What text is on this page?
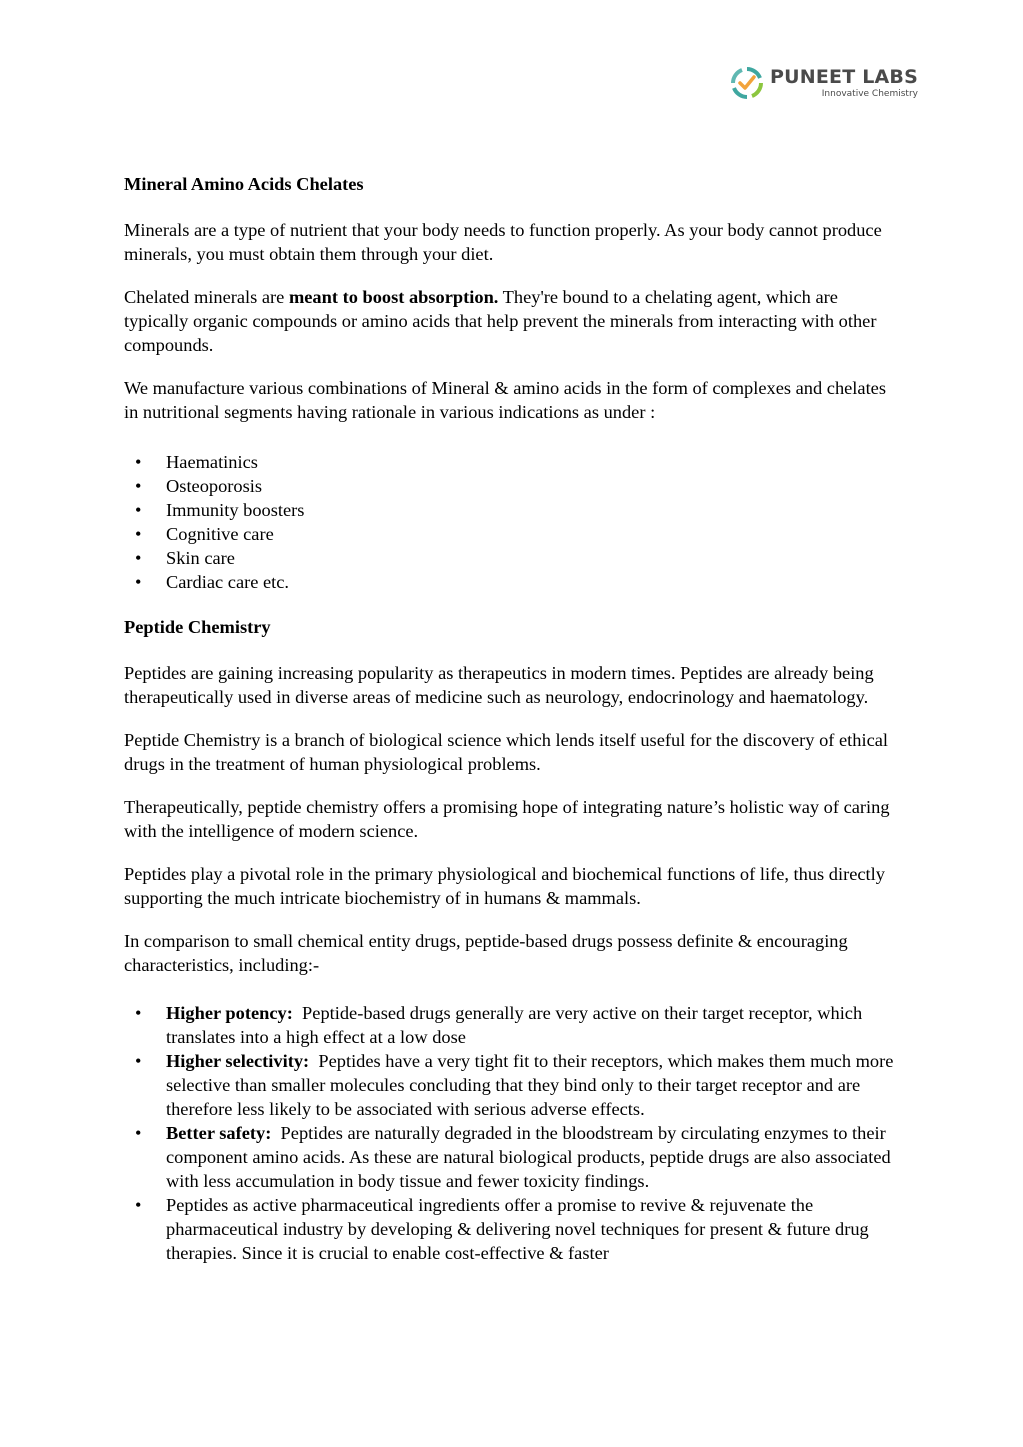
PUNEET LABS
Innovative Chemistry
Mineral Amino Acids Chelates

Minerals are a type of nutrient that your body needs to function properly. As your body cannot produce minerals, you must obtain them through your diet.

Chelated minerals are meant to boost absorption. They're bound to a chelating agent, which are typically organic compounds or amino acids that help prevent the minerals from interacting with other compounds.

We manufacture various combinations of Mineral & amino acids in the form of complexes and chelates in nutritional segments having rationale in various indications as under :

• Haematinics
• Osteoporosis
• Immunity boosters
• Cognitive care
• Skin care
• Cardiac care etc.
Peptide Chemistry

Peptides are gaining increasing popularity as therapeutics in modern times. Peptides are already being therapeutically used in diverse areas of medicine such as neurology, endocrinology and haematology.

Peptide Chemistry is a branch of biological science which lends itself useful for the discovery of ethical drugs in the treatment of human physiological problems.

Therapeutically, peptide chemistry offers a promising hope of integrating nature’s holistic way of caring with the intelligence of modern science.

Peptides play a pivotal role in the primary physiological and biochemical functions of life, thus directly supporting the much intricate biochemistry of in humans & mammals.

In comparison to small chemical entity drugs, peptide-based drugs possess definite & encouraging characteristics, including:-

• Higher potency:  Peptide-based drugs generally are very active on their target receptor, which translates into a high effect at a low dose
• Higher selectivity:  Peptides have a very tight fit to their receptors, which makes them much more selective than smaller molecules concluding that they bind only to their target receptor and are therefore less likely to be associated with serious adverse effects.
• Better safety:  Peptides are naturally degraded in the bloodstream by circulating enzymes to their component amino acids. As these are natural biological products, peptide drugs are also associated with less accumulation in body tissue and fewer toxicity findings.
• Peptides as active pharmaceutical ingredients offer a promise to revive & rejuvenate the pharmaceutical industry by developing & delivering novel techniques for present & future drug therapies. Since it is crucial to enable cost-effective & faster
